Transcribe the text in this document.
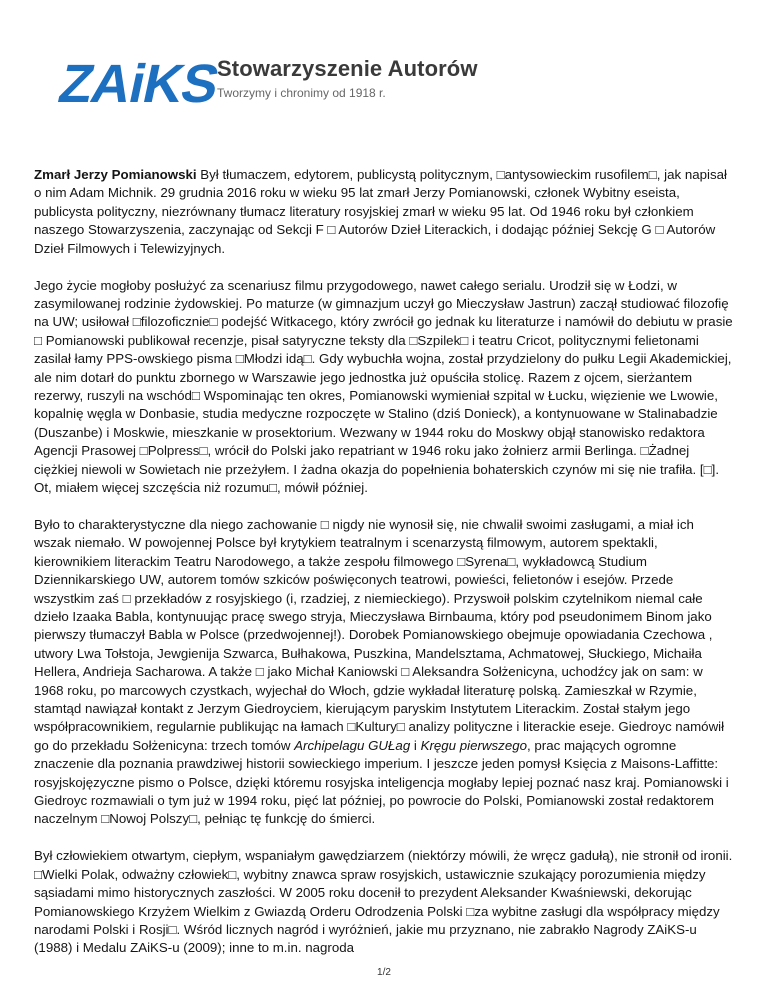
ZAiKS
Stowarzyszenie Autorów
Tworzymy i chronimy od 1918 r.

Zmarł Jerzy Pomianowski Był tłumaczem, edytorem, publicystą politycznym, □antysowieckim rusofilem□, jak napisał o nim Adam Michnik. 29 grudnia 2016 roku w wieku 95 lat zmarł Jerzy Pomianowski, członek Wybitny eseista, publicysta polityczny, niezrównany tłumacz literatury rosyjskiej zmarł w wieku 95 lat. Od 1946 roku był członkiem naszego Stowarzyszenia, zaczynając od Sekcji F □ Autorów Dzieł Literackich, i dodając później Sekcję G □ Autorów Dzieł Filmowych i Telewizyjnych.

Jego życie mogłoby posłużyć za scenariusz filmu przygodowego, nawet całego serialu. Urodził się w Łodzi, w zasymilowanej rodzinie żydowskiej. Po maturze (w gimnazjum uczył go Mieczysław Jastrun) zaczął studiować filozofię na UW; usiłował □filozoficznie□ podejść Witkacego, który zwrócił go jednak ku literaturze i namówił do debiutu w prasie □ Pomianowski publikował recenzje, pisał satyryczne teksty dla □Szpilek□ i teatru Cricot, politycznymi felietonami zasilał łamy PPS-owskiego pisma □Młodzi idą□. Gdy wybuchła wojna, został przydzielony do pułku Legii Akademickiej, ale nim dotarł do punktu zbornego w Warszawie jego jednostka już opuściła stolicę. Razem z ojcem, sierżantem rezerwy, ruszyli na wschód□ Wspominając ten okres, Pomianowski wymieniał szpital w Łucku, więzienie we Lwowie, kopalnię węgla w Donbasie, studia medyczne rozpoczęte w Stalino (dziś Donieck), a kontynuowane w Stalinabadzie (Duszanbe) i Moskwie, mieszkanie w prosektorium. Wezwany w 1944 roku do Moskwy objął stanowisko redaktora Agencji Prasowej □Polpress□, wrócił do Polski jako repatriant w 1946 roku jako żołnierz armii Berlinga. □Żadnej ciężkiej niewoli w Sowietach nie przeżyłem. I żadna okazja do popełnienia bohaterskich czynów mi się nie trafiła. [□]. Ot, miałem więcej szczęścia niż rozumu□, mówił później.

Było to charakterystyczne dla niego zachowanie □ nigdy nie wynosił się, nie chwalił swoimi zasługami, a miał ich wszak niemało. W powojennej Polsce był krytykiem teatralnym i scenarzystą filmowym, autorem spektakli, kierownikiem literackim Teatru Narodowego, a także zespołu filmowego □Syrena□, wykładowcą Studium Dziennikarskiego UW, autorem tomów szkiców poświęconych teatrowi, powieści, felietonów i esejów. Przede wszystkim zaś □ przekładów z rosyjskiego (i, rzadziej, z niemieckiego). Przyswoił polskim czytelnikom niemal całe dzieło Izaaka Babla, kontynuując pracę swego stryja, Mieczysława Birnbauma, który pod pseudonimem Binom jako pierwszy tłumaczył Babla w Polsce (przedwojennej!). Dorobek Pomianowskiego obejmuje opowiadania Czechowa , utwory Lwa Tołstoja, Jewgienija Szwarca, Bułhakowa, Puszkina, Mandelsztama, Achmatowej, Słuckiego, Michaiła Hellera, Andrieja Sacharowa. A także □ jako Michał Kaniowski □ Aleksandra Sołżenicyna, uchodźcy jak on sam: w 1968 roku, po marcowych czystkach, wyjechał do Włoch, gdzie wykładał literaturę polską. Zamieszkał w Rzymie, stamtąd nawiązał kontakt z Jerzym Giedroyciem, kierującym paryskim Instytutem Literackim. Został stałym jego współpracownikiem, regularnie publikując na łamach □Kultury□ analizy polityczne i literackie eseje. Giedroyc namówił go do przekładu Sołżenicyna: trzech tomów Archipelagu GUŁag i Kręgu pierwszego, prac mających ogromne znaczenie dla poznania prawdziwej historii sowieckiego imperium. I jeszcze jeden pomysł Księcia z Maisons-Laffitte: rosyjskojęzyczne pismo o Polsce, dzięki któremu rosyjska inteligencja mogłaby lepiej poznać nasz kraj. Pomianowski i Giedroyc rozmawiali o tym już w 1994 roku, pięć lat później, po powrocie do Polski, Pomianowski został redaktorem naczelnym □Nowoj Polszy□, pełniąc tę funkcję do śmierci.

Był człowiekiem otwartym, ciepłym, wspaniałym gawędziarzem (niektórzy mówili, że wręcz gadułą), nie stronił od ironii. □Wielki Polak, odważny człowiek□, wybitny znawca spraw rosyjskich, ustawicznie szukający porozumienia między sąsiadami mimo historycznych zaszłości. W 2005 roku docenił to prezydent Aleksander Kwaśniewski, dekorując Pomianowskiego Krzyżem Wielkim z Gwiazdą Orderu Odrodzenia Polski □za wybitne zasługi dla współpracy między narodami Polski i Rosji□. Wśród licznych nagród i wyróżnień, jakie mu przyznano, nie zabrakło Nagrody ZAiKS-u (1988) i Medalu ZAiKS-u (2009); inne to m.in. nagroda

1/2
